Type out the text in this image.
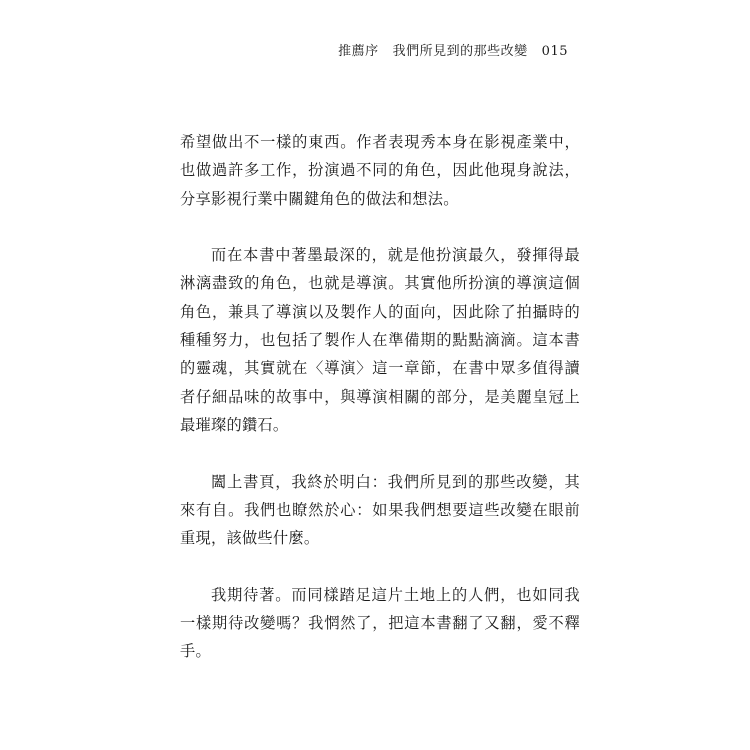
推薦序 我們所見到的那些改變 015

希望做出不一樣的東西。作者表現秀本身在影視產業中，也做過許多工作，扮演過不同的角色，因此他現身說法，分享影視行業中關鍵角色的做法和想法。

而在本書中著墨最深的，就是他扮演最久，發揮得最淋漓盡致的角色，也就是導演。其實他所扮演的導演這個角色，兼具了導演以及製作人的面向，因此除了拍攝時的種種努力，也包括了製作人在準備期的點點滴滴。這本書的靈魂，其實就在〈導演〉這一章節，在書中眾多值得讀者仔細品味的故事中，與導演相關的部分，是美麗皇冠上最璀璨的鑽石。

闔上書頁，我終於明白：我們所見到的那些改變，其來有自。我們也瞭然於心：如果我們想要這些改變在眼前重現，該做些什麼。

我期待著。而同樣踏足這片土地上的人們，也如同我一樣期待改變嗎？我惘然了，把這本書翻了又翻，愛不釋手。
